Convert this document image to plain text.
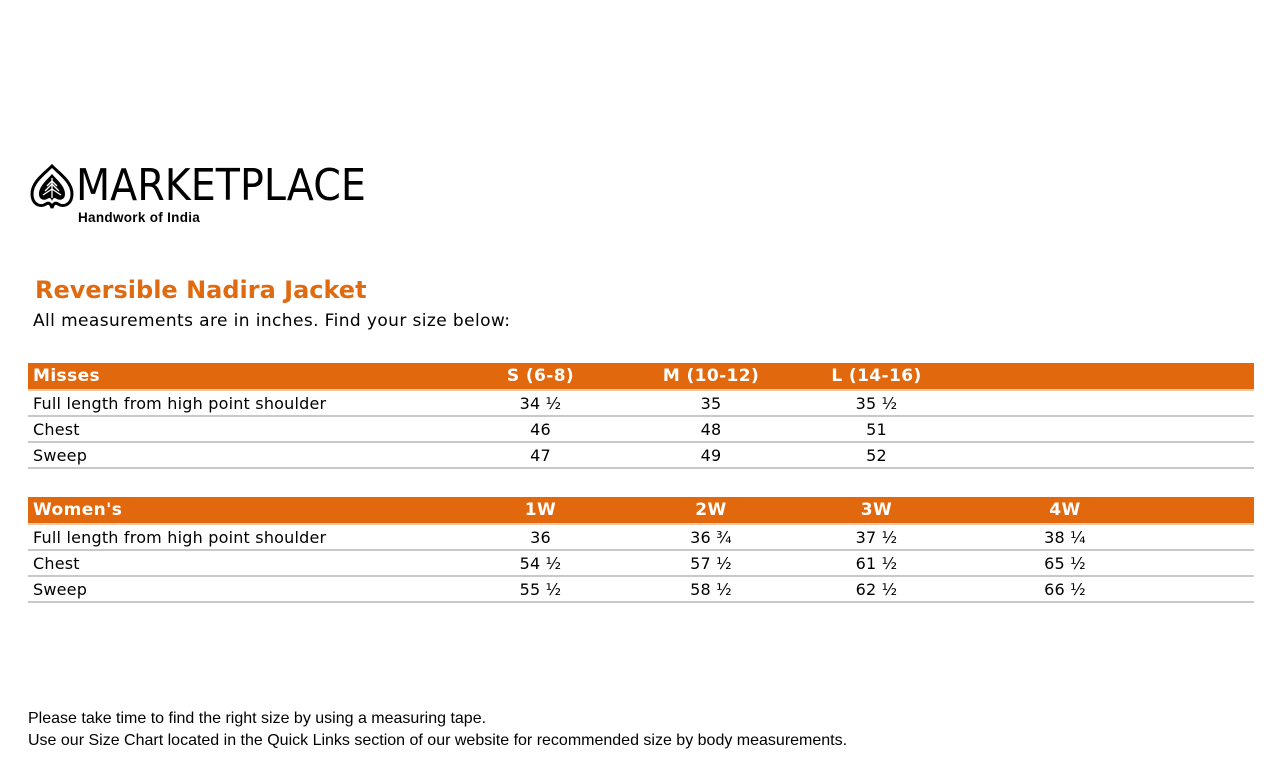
MARKETPLACE
Handwork of India
Reversible Nadira Jacket
All measurements are in inches. Find your size below:
Misses	S (6-8)	M (10-12)	L (14-16)
Full length from high point shoulder	34 ½	35	35 ½
Chest	46	48	51
Sweep	47	49	52
Women's	1W	2W	3W	4W
Full length from high point shoulder	36	36 ¾	37 ½	38 ¼
Chest	54 ½	57 ½	61 ½	65 ½
Sweep	55 ½	58 ½	62 ½	66 ½
Please take time to find the right size by using a measuring tape.
Use our Size Chart located in the Quick Links section of our website for recommended size by body measurements.
